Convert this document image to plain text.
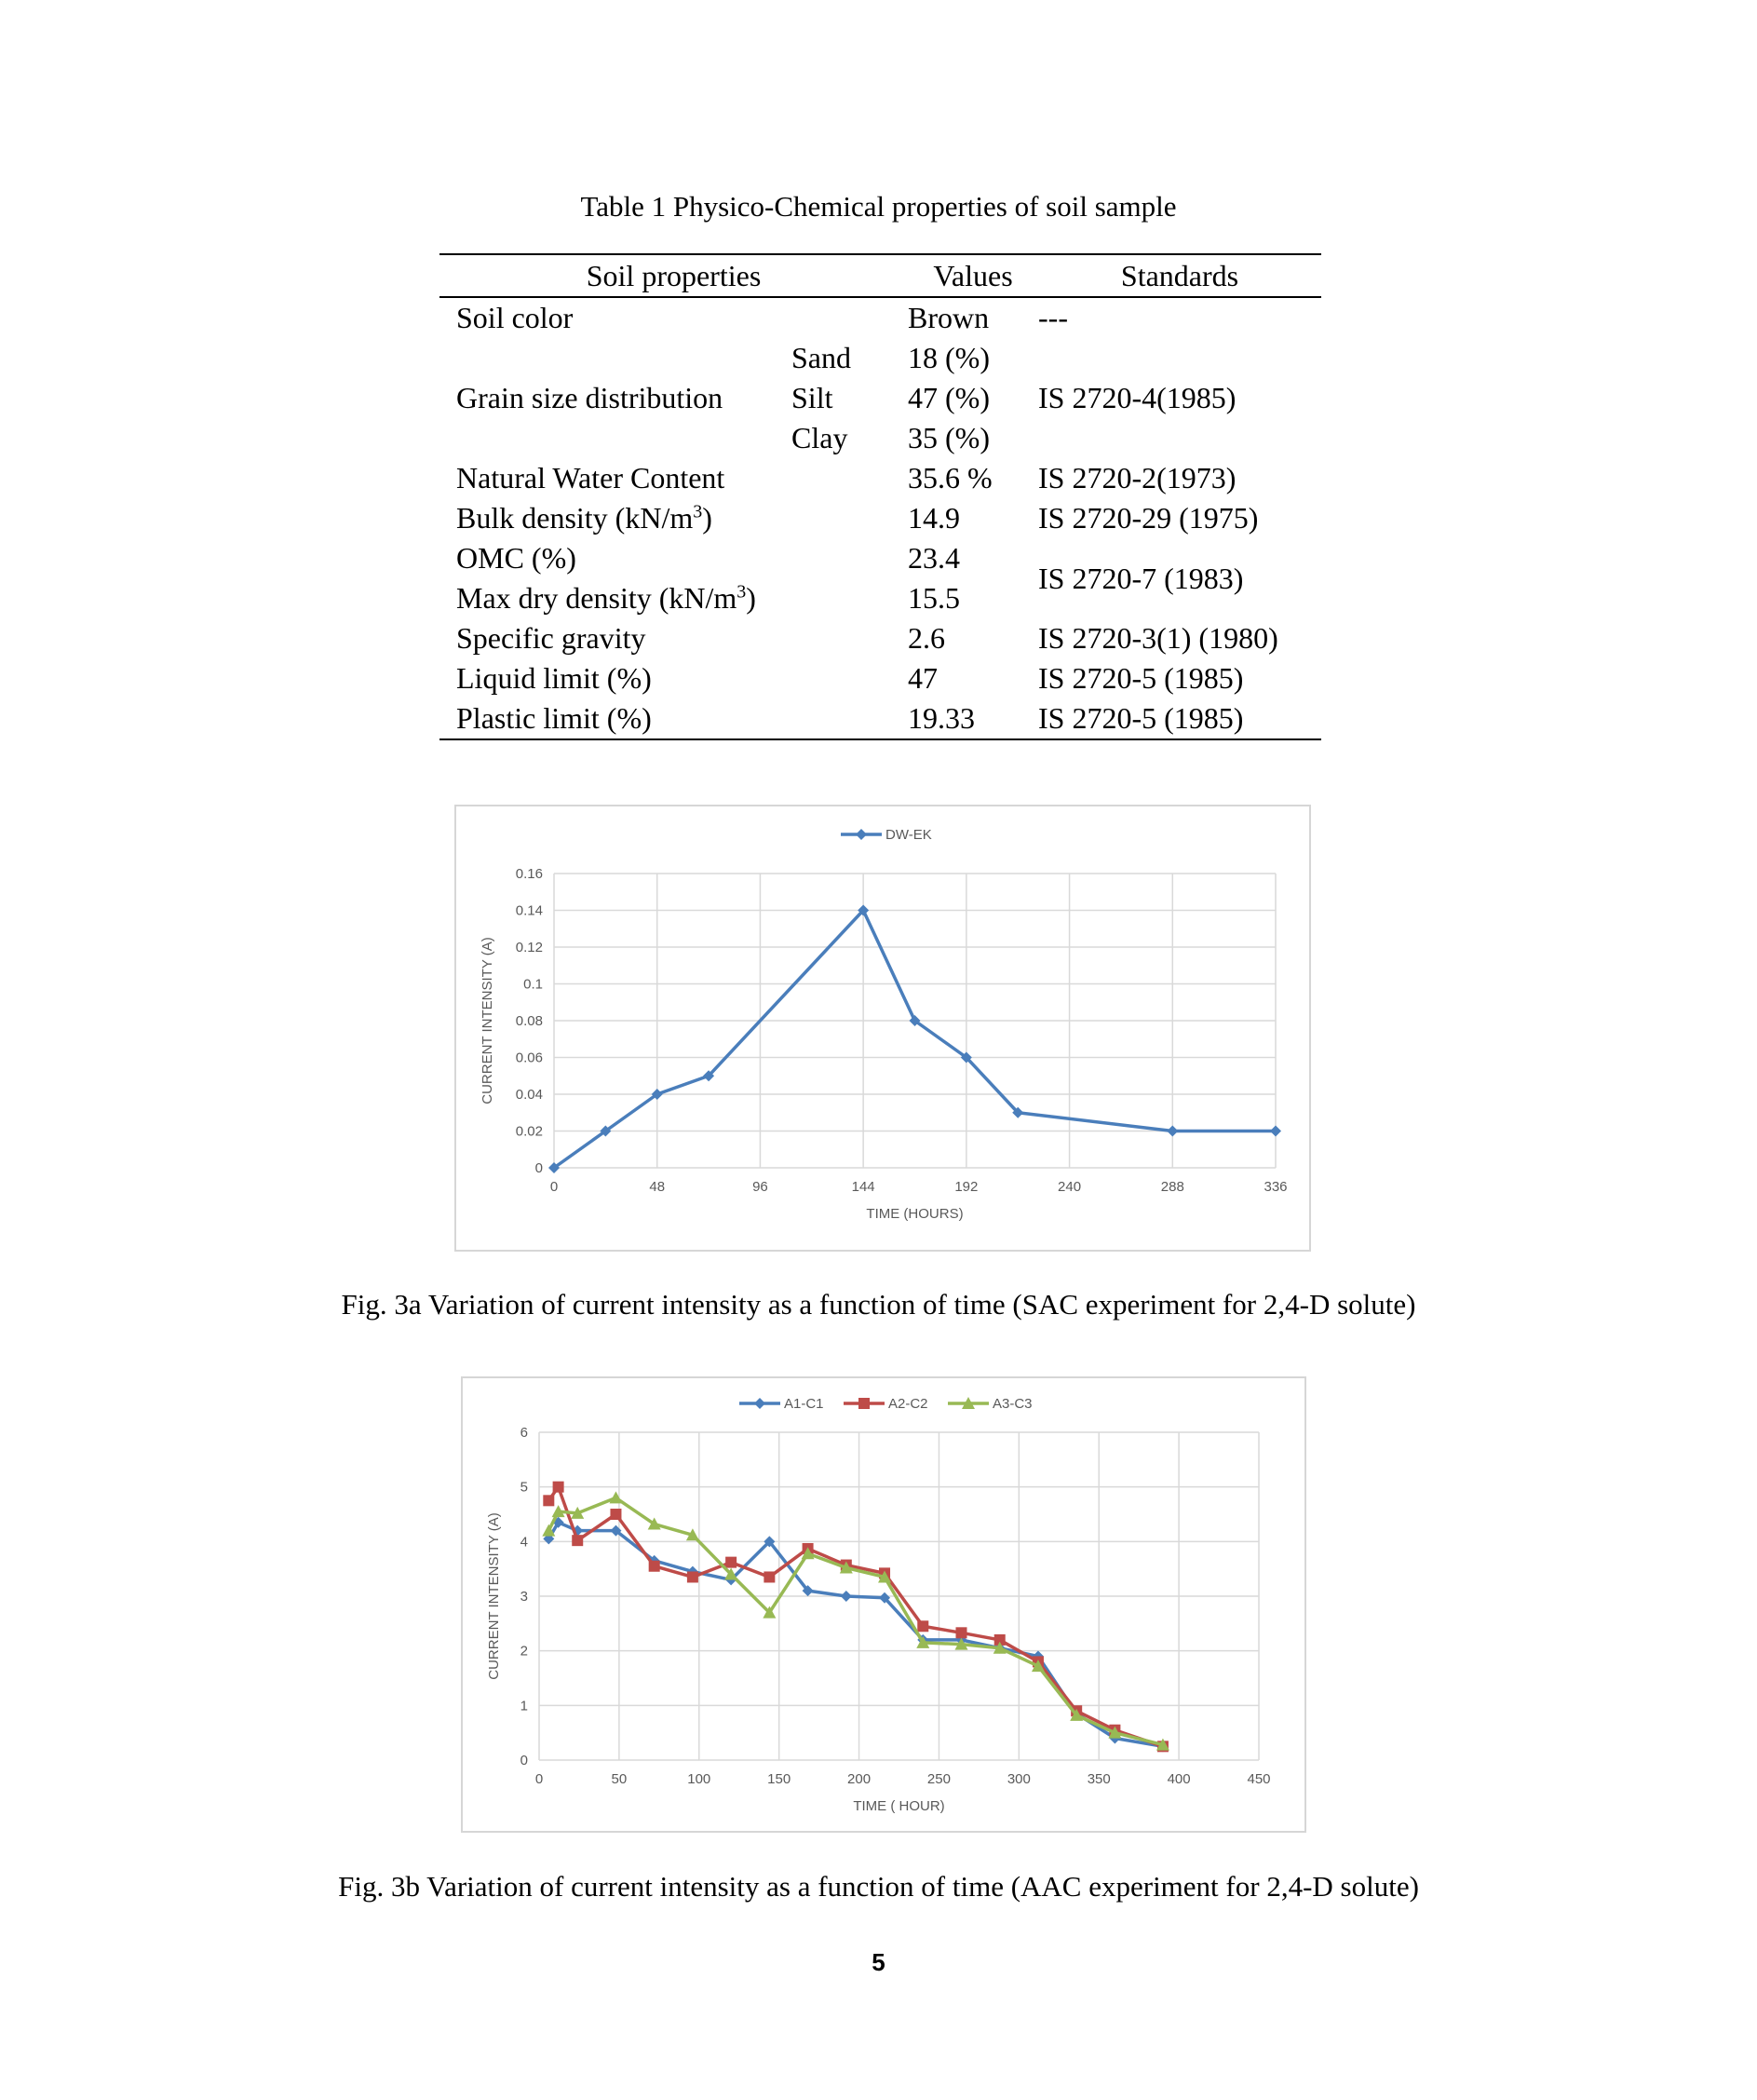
Table 1 Physico-Chemical properties of soil sample
Soil properties		Values	Standards
Soil color		Brown	---
	Sand	18 (%)	
Grain size distribution	Silt	47 (%)	IS 2720-4(1985)
	Clay	35 (%)	
Natural Water Content		35.6 %	IS 2720-2(1973)
Bulk density $(kN/m^3)$		14.9	IS 2720-29 (1975)
OMC (%)		23.4	IS 2720-7 (1983)
Max dry density $(kN/m^3)$		15.5	
Specific gravity		2.6	IS 2720-3(1) (1980)
Liquid limit (%)		47	IS 2720-5 (1985)
Plastic limit (%)		19.33	IS 2720-5 (1985)
0
0.02
0.04
0.06
0.08
0.1
0.12
0.14
0.16
0	48	96	144	192	240	288	336
TIME (HOURS)
CURRENT INTENSITY (A)
DW-EK
Fig. 3a Variation of current intensity as a function of time (SAC experiment for 2,4-D solute)
0
1
2
3
4
5
6
0	50	100	150	200	250	300	350	400	450
TIME ( HOUR)
CURRENT INTENSITY (A)
A1-C1	A2-C2	A3-C3
Fig. 3b Variation of current intensity as a function of time (AAC experiment for 2,4-D solute)
5
